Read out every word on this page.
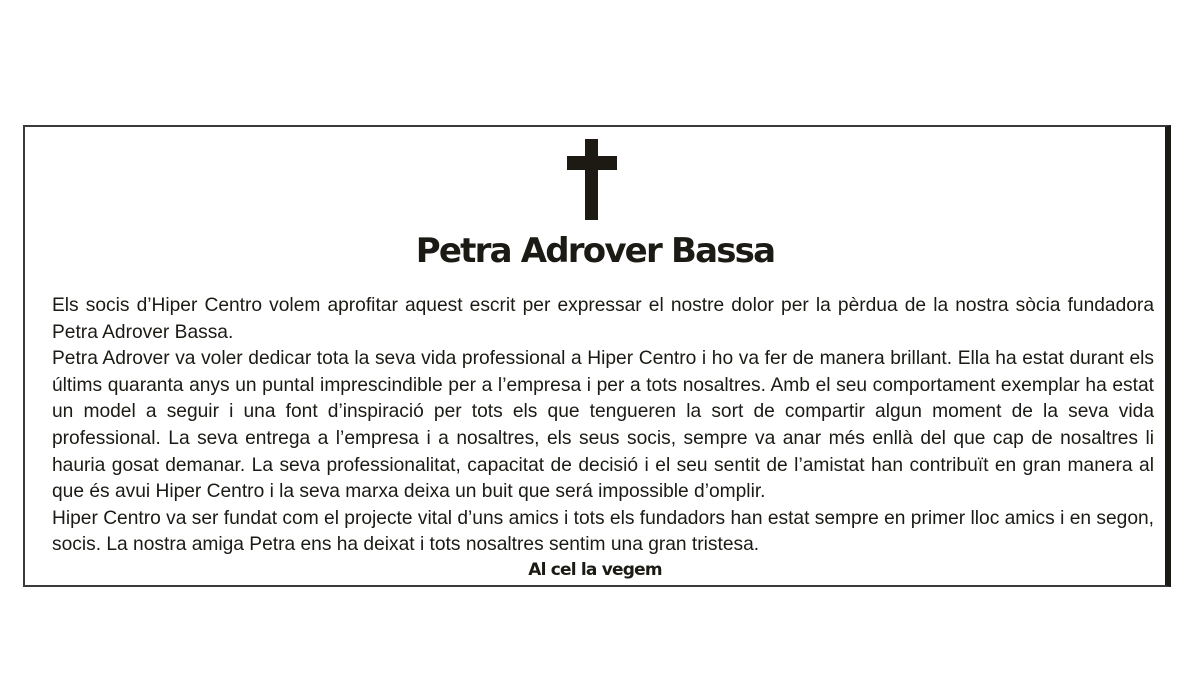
Petra Adrover Bassa

Els socis d’Hiper Centro volem aprofitar aquest escrit per expressar el nostre dolor per la pèrdua de la nostra sòcia fundadora Petra Adrover Bassa.

Petra Adrover va voler dedicar tota la seva vida professional a Hiper Centro i ho va fer de manera brillant. Ella ha estat durant els últims quaranta anys un puntal imprescindible per a l’empresa i per a tots nosaltres. Amb el seu comportament exemplar ha estat un model a seguir i una font d’inspiració per tots els que tengueren la sort de compartir algun moment de la seva vida professional. La seva entrega a l’empresa i a nosaltres, els seus socis, sempre va anar més enllà del que cap de nosaltres li hauria gosat demanar. La seva professionalitat, capacitat de decisió i el seu sentit de l’amistat han contribuït en gran manera al que és avui Hiper Centro i la seva marxa deixa un buit que será impossible d’omplir.

Hiper Centro va ser fundat com el projecte vital d’uns amics i tots els fundadors han estat sempre en primer lloc amics i en segon, socis. La nostra amiga Petra ens ha deixat i tots nosaltres sentim una gran tristesa.

Al cel la vegem
